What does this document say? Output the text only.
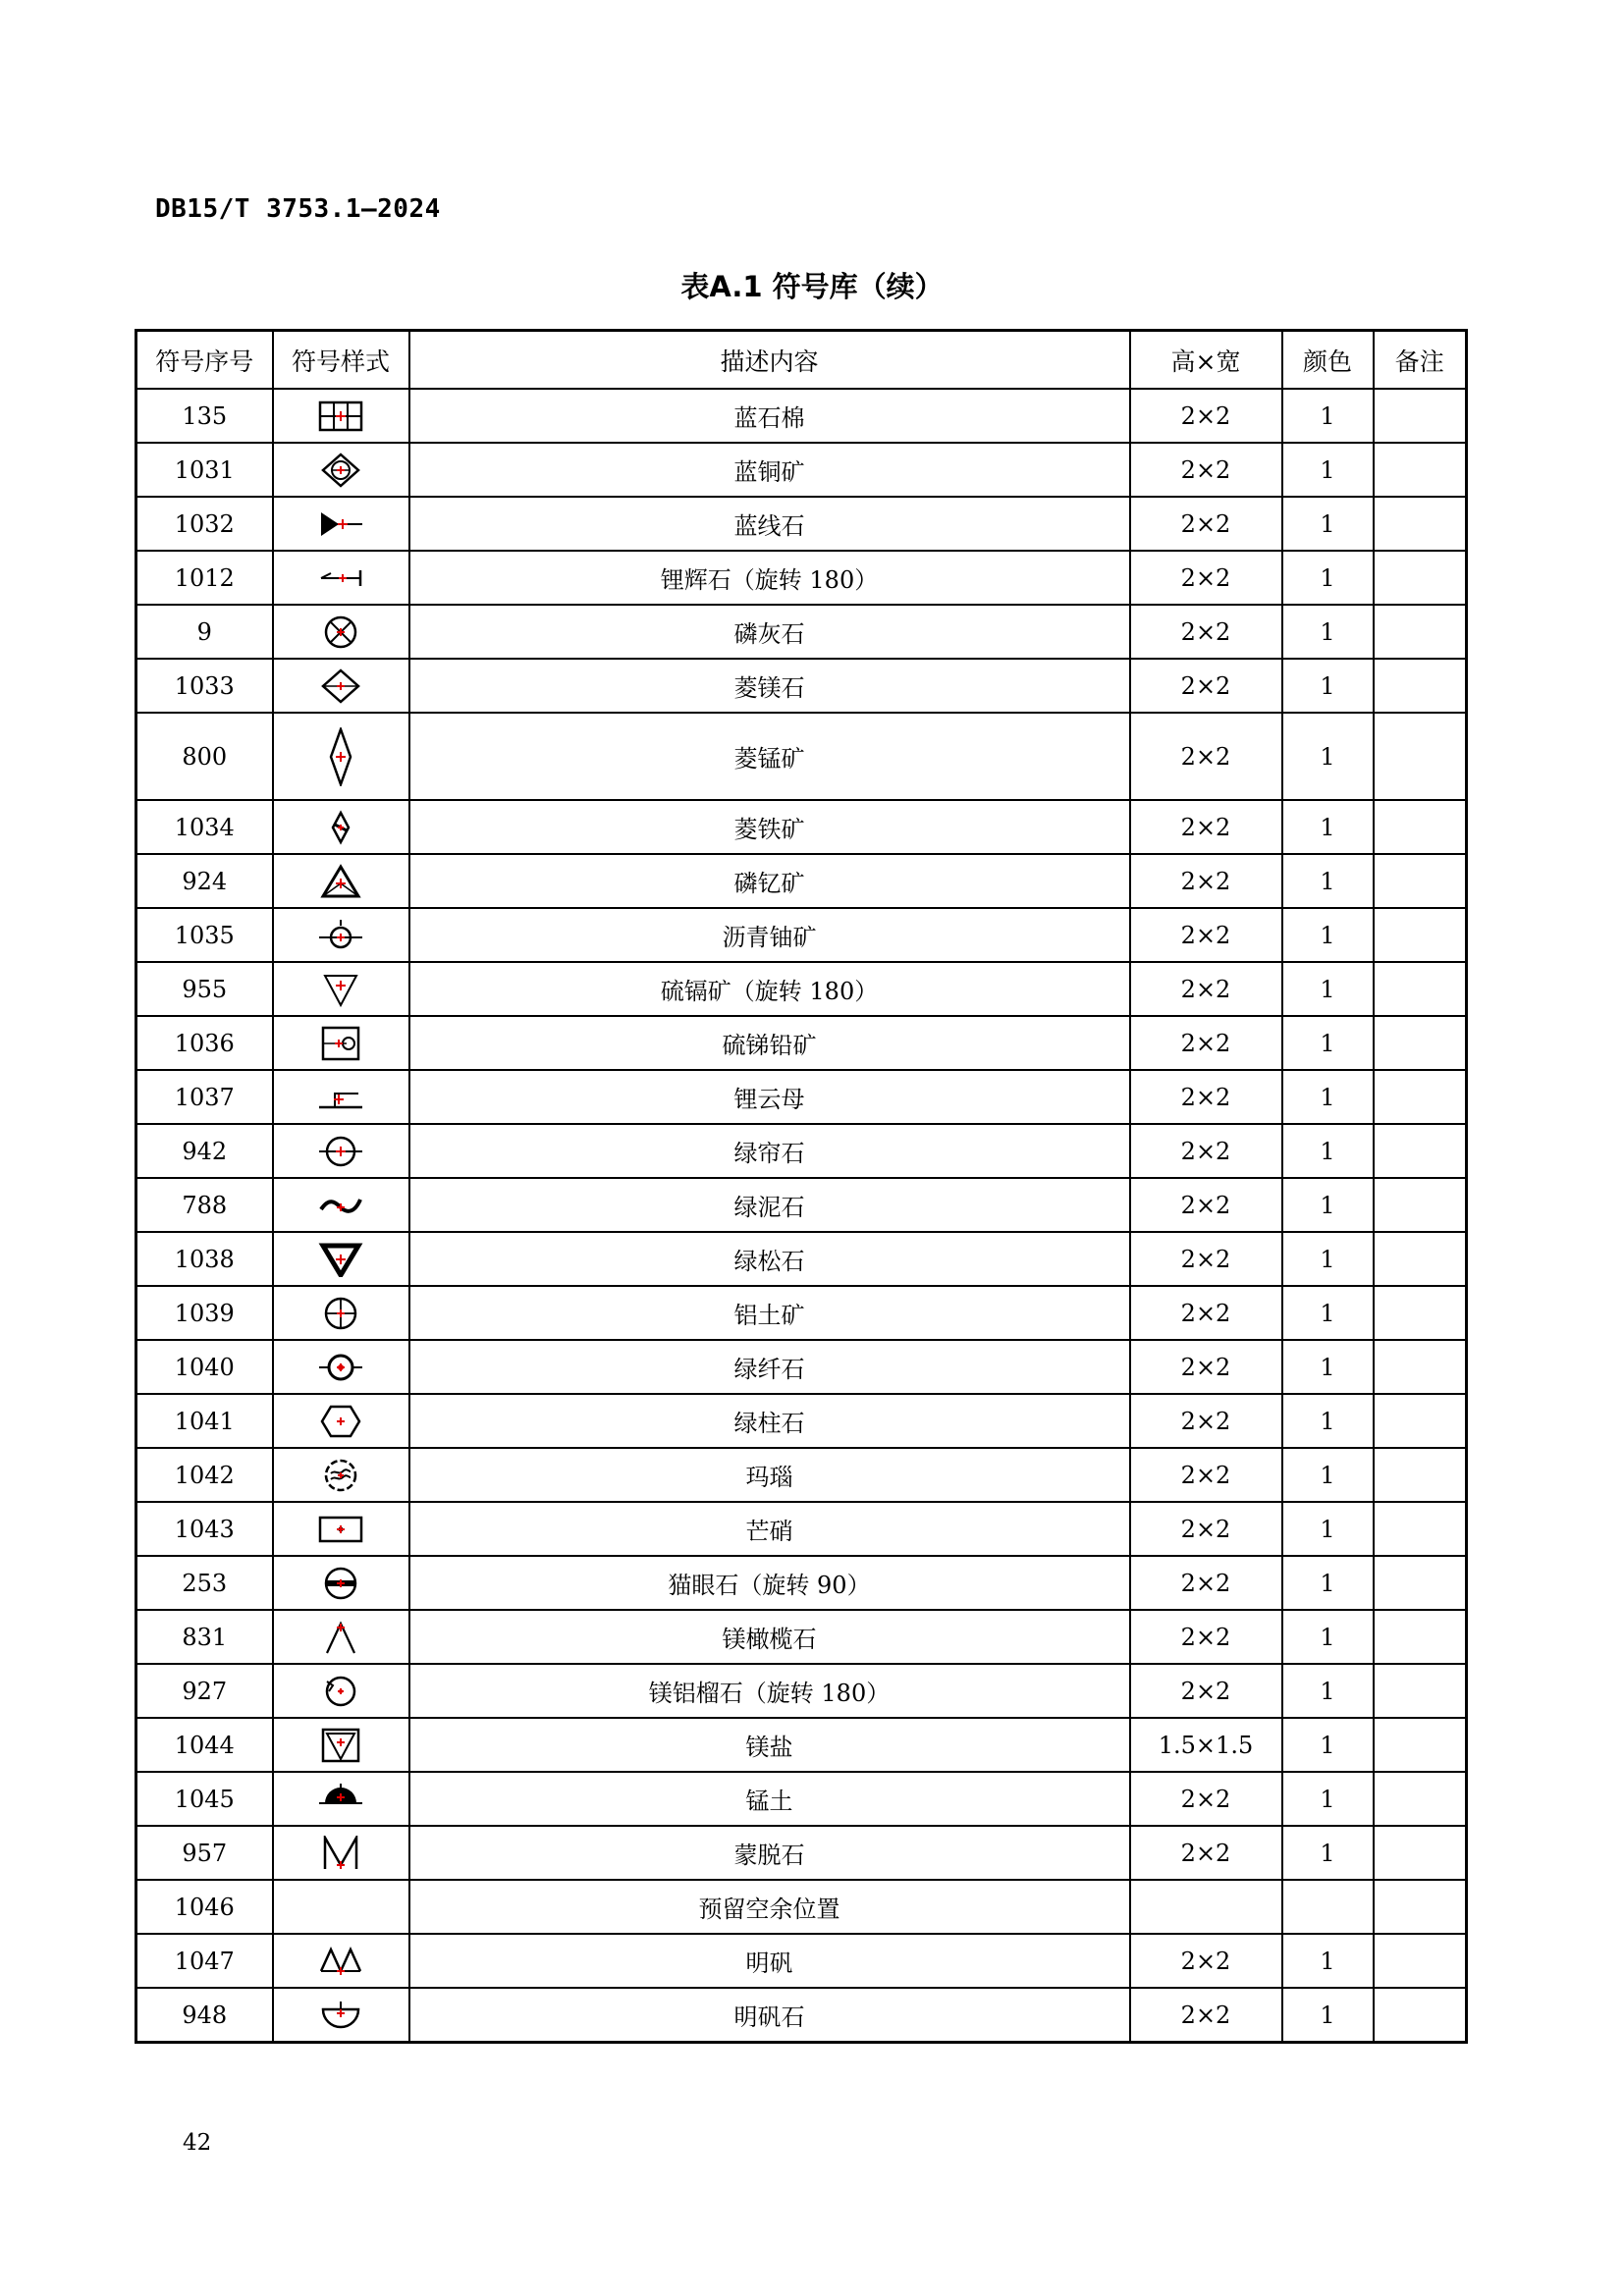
DB15/T 3753.1—2024
表A.1 符号库（续）
符号序号	符号样式	描述内容	高×宽	颜色	备注
135		蓝石棉	2×2	1	
1031		蓝铜矿	2×2	1	
1032		蓝线石	2×2	1	
1012		锂辉石（旋转 180）	2×2	1	
9		磷灰石	2×2	1	
1033		菱镁石	2×2	1	
800		菱锰矿	2×2	1	
1034		菱铁矿	2×2	1	
924		磷钇矿	2×2	1	
1035		沥青铀矿	2×2	1	
955		硫镉矿（旋转 180）	2×2	1	
1036		硫锑铅矿	2×2	1	
1037		锂云母	2×2	1	
942		绿帘石	2×2	1	
788		绿泥石	2×2	1	
1038		绿松石	2×2	1	
1039		铝土矿	2×2	1	
1040		绿纤石	2×2	1	
1041		绿柱石	2×2	1	
1042		玛瑙	2×2	1	
1043		芒硝	2×2	1	
253		猫眼石（旋转 90）	2×2	1	
831		镁橄榄石	2×2	1	
927		镁铝榴石（旋转 180）	2×2	1	
1044		镁盐	1.5×1.5	1	
1045		锰土	2×2	1	
957		蒙脱石	2×2	1	
1046		预留空余位置			
1047		明矾	2×2	1	
948		明矾石	2×2	1	
42
